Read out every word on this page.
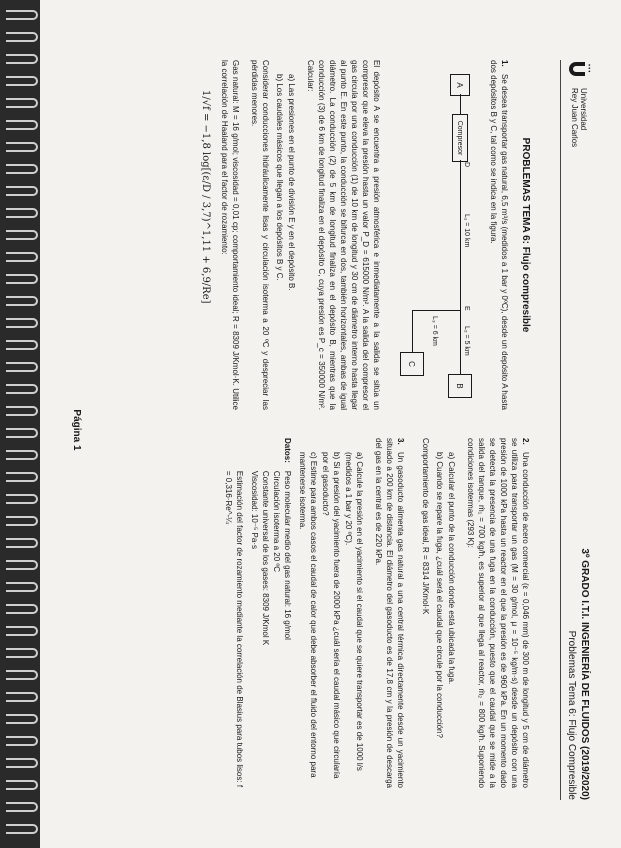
•••
Universidad
Rey Juan Carlos
3º GRADO I.T.I. INGENIERÍA DE FLUIDOS (2019/2020)
Problemas Tema 6: Flujo Compresible
PROBLEMAS TEMA 6: Flujo compresible
1.Se desea transportar gas natural, 6,5 m³/s (medidos a 1 bar y 0ºC), desde un depósito A hasta dos depósitos B y C, tal como se indica en la figura.
A
Compresor
D
L₁ = 10 km
E
L₂ = 5 km
B
L₃ = 6 km
C
El depósito A se encuentra a presión atmosférica e inmediatamente a la salida se sitúa un compresor que eleva la presión hasta un valor P_D = 615000 N/m². A la salida del compresor el gas circula por una conducción (1) de 10 km de longitud y 30 cm de diámetro interno hasta llegar al punto E. En este punto, la conducción se bifurca en dos, también horizontales, ambas de igual diámetro. La conducción (2) de 5 km de longitud finaliza en el depósito B, mientras que la conducción (3) de 6 km de longitud finaliza en el depósito C, cuya presión es P_c = 350000 N/m². Calcular:
a) Las presiones en el punto de división E y en el depósito B.
b) Los caudales másicos que llegan a los depósitos B y C.
Considerar conducciones hidráulicamente lisas y circulación isoterma a 20 ºC y despreciar las pérdidas menores.
Gas natural: M = 16 g/mol; viscosidad = 0,01 cp; comportamiento ideal; R = 8309 J/Kmol·K. Utilice la correlación de Haaland para el factor de rozamiento:
1/√f = −1,8 log[(ε/D / 3,7)^1,11 + 6,9/Re]
2.Una conducción de acero comercial (ε = 0,046 mm) de 300 m de longitud y 5 cm de diámetro se utiliza para transportar un gas (M = 30 g/mol, μ = 10⁻⁵ kg/m·s) desde un depósito con una presión de 1000 kPa hasta un reactor en el que la presión es de 960 kPa. En un momento dado se detecta la presencia de una fuga en la conducción, puesto que el caudal que se mide a la salida del tanque, ṁ₁ = 700 kg/h, es superior al que llega al reactor, ṁ₂ = 800 kg/h. Suponiendo condiciones isotermas (293 K):
a) Calcular el punto de la conducción donde está ubicada la fuga.
b) Cuando se repare la fuga, ¿cuál será el caudal que circule por la conducción?
Comportamiento de gas ideal, R = 8314 J/Kmol·K
3.Un gasoducto alimenta gas natural a una central térmica directamente desde un yacimiento situado a 200 km de distancia. El diámetro del gasoducto es de 17,8 cm y la presión de descarga del gas en la central es de 220 kPa.
a) Calcule la presión en el yacimiento si el caudal que se quiere transportar es de 1000 l/s (medidos a 1 bar y 20 ºC).
b) Si a presión del yacimiento fuera de 2000 kPa ¿cuál sería el caudal másico que circularía por el gasoducto?
c) Estime para ambos casos el caudal de calor que debe absorber el fluido del entorno para mantenerse isoterma.
Datos:
Peso molecular medio del gas natural: 16 g/mol
Circulación isoterma a 20 ºC
Constante universal de los gases: 8309 J/Kmol K
Viscosidad: 10⁻⁵ Pa·s
Estimación del factor de rozamiento mediante la correlación de Blasius para tubos lisos: f = 0,316·Re^-¼
Página 1
